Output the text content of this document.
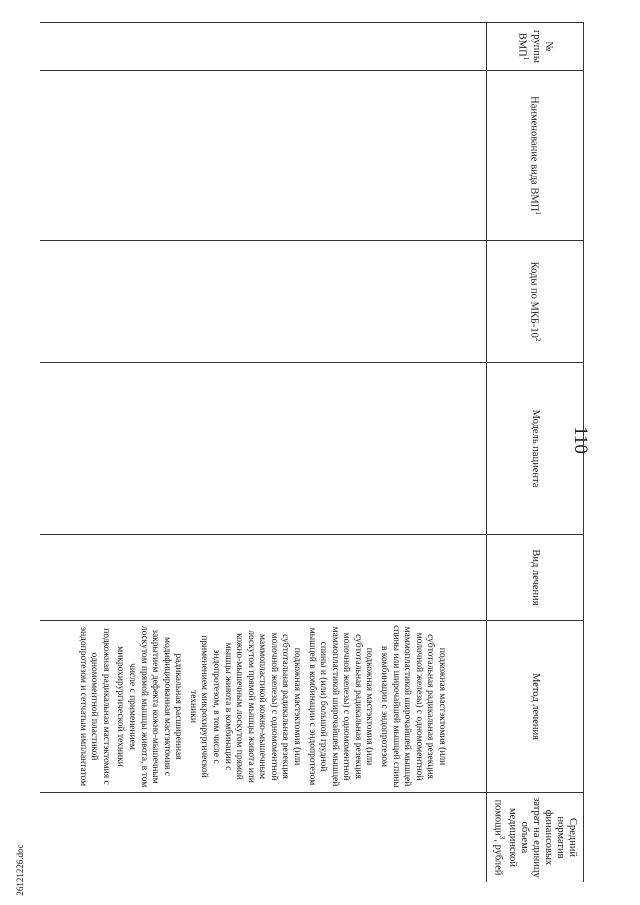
110
№ группы ВМП$^1$	Наименование вида ВМП$^1$	Коды по МКБ-$10^2$	Модель пациента	Вид лечения	Метод лечения	Средний норматив финансовых затрат на единицу объема медицинской помощи$^3$, рублей

					подкожная мастэктомия (или субтотальная радикальная резекция молочной железы) с одномоментной маммопластикой широчайшей мышцей спины или широчайшей мышцей спины в комбинации с эндопротезом
подкожная мастэктомия (или субтотальная радикальная резекция молочной железы) с одномоментной маммопластикой широчайшей мышцей спины и (или) большой грудной мышцей в комбинации с эндопротезом
подкожная мастэктомия (или субтотальная радикальная резекция молочной железы) с одномоментной маммопластикой кожно-мышечным лоскутом прямой мышцы живота или кожно-мышечным лоскутом прямой мышцы живота в комбинации с эндопротезом, в том числе с применением микрохирургической техники
радикальная расширенная модифицированная мастэктомия с закрытием дефекта кожно-мышечным лоскутом прямой мышцы живота, в том числе с применением микрохирургической техники
подкожная радикальная мастэктомия с одномоментной пластикой эндопротезом и сетчатым имплантатом	

26121226.doc
